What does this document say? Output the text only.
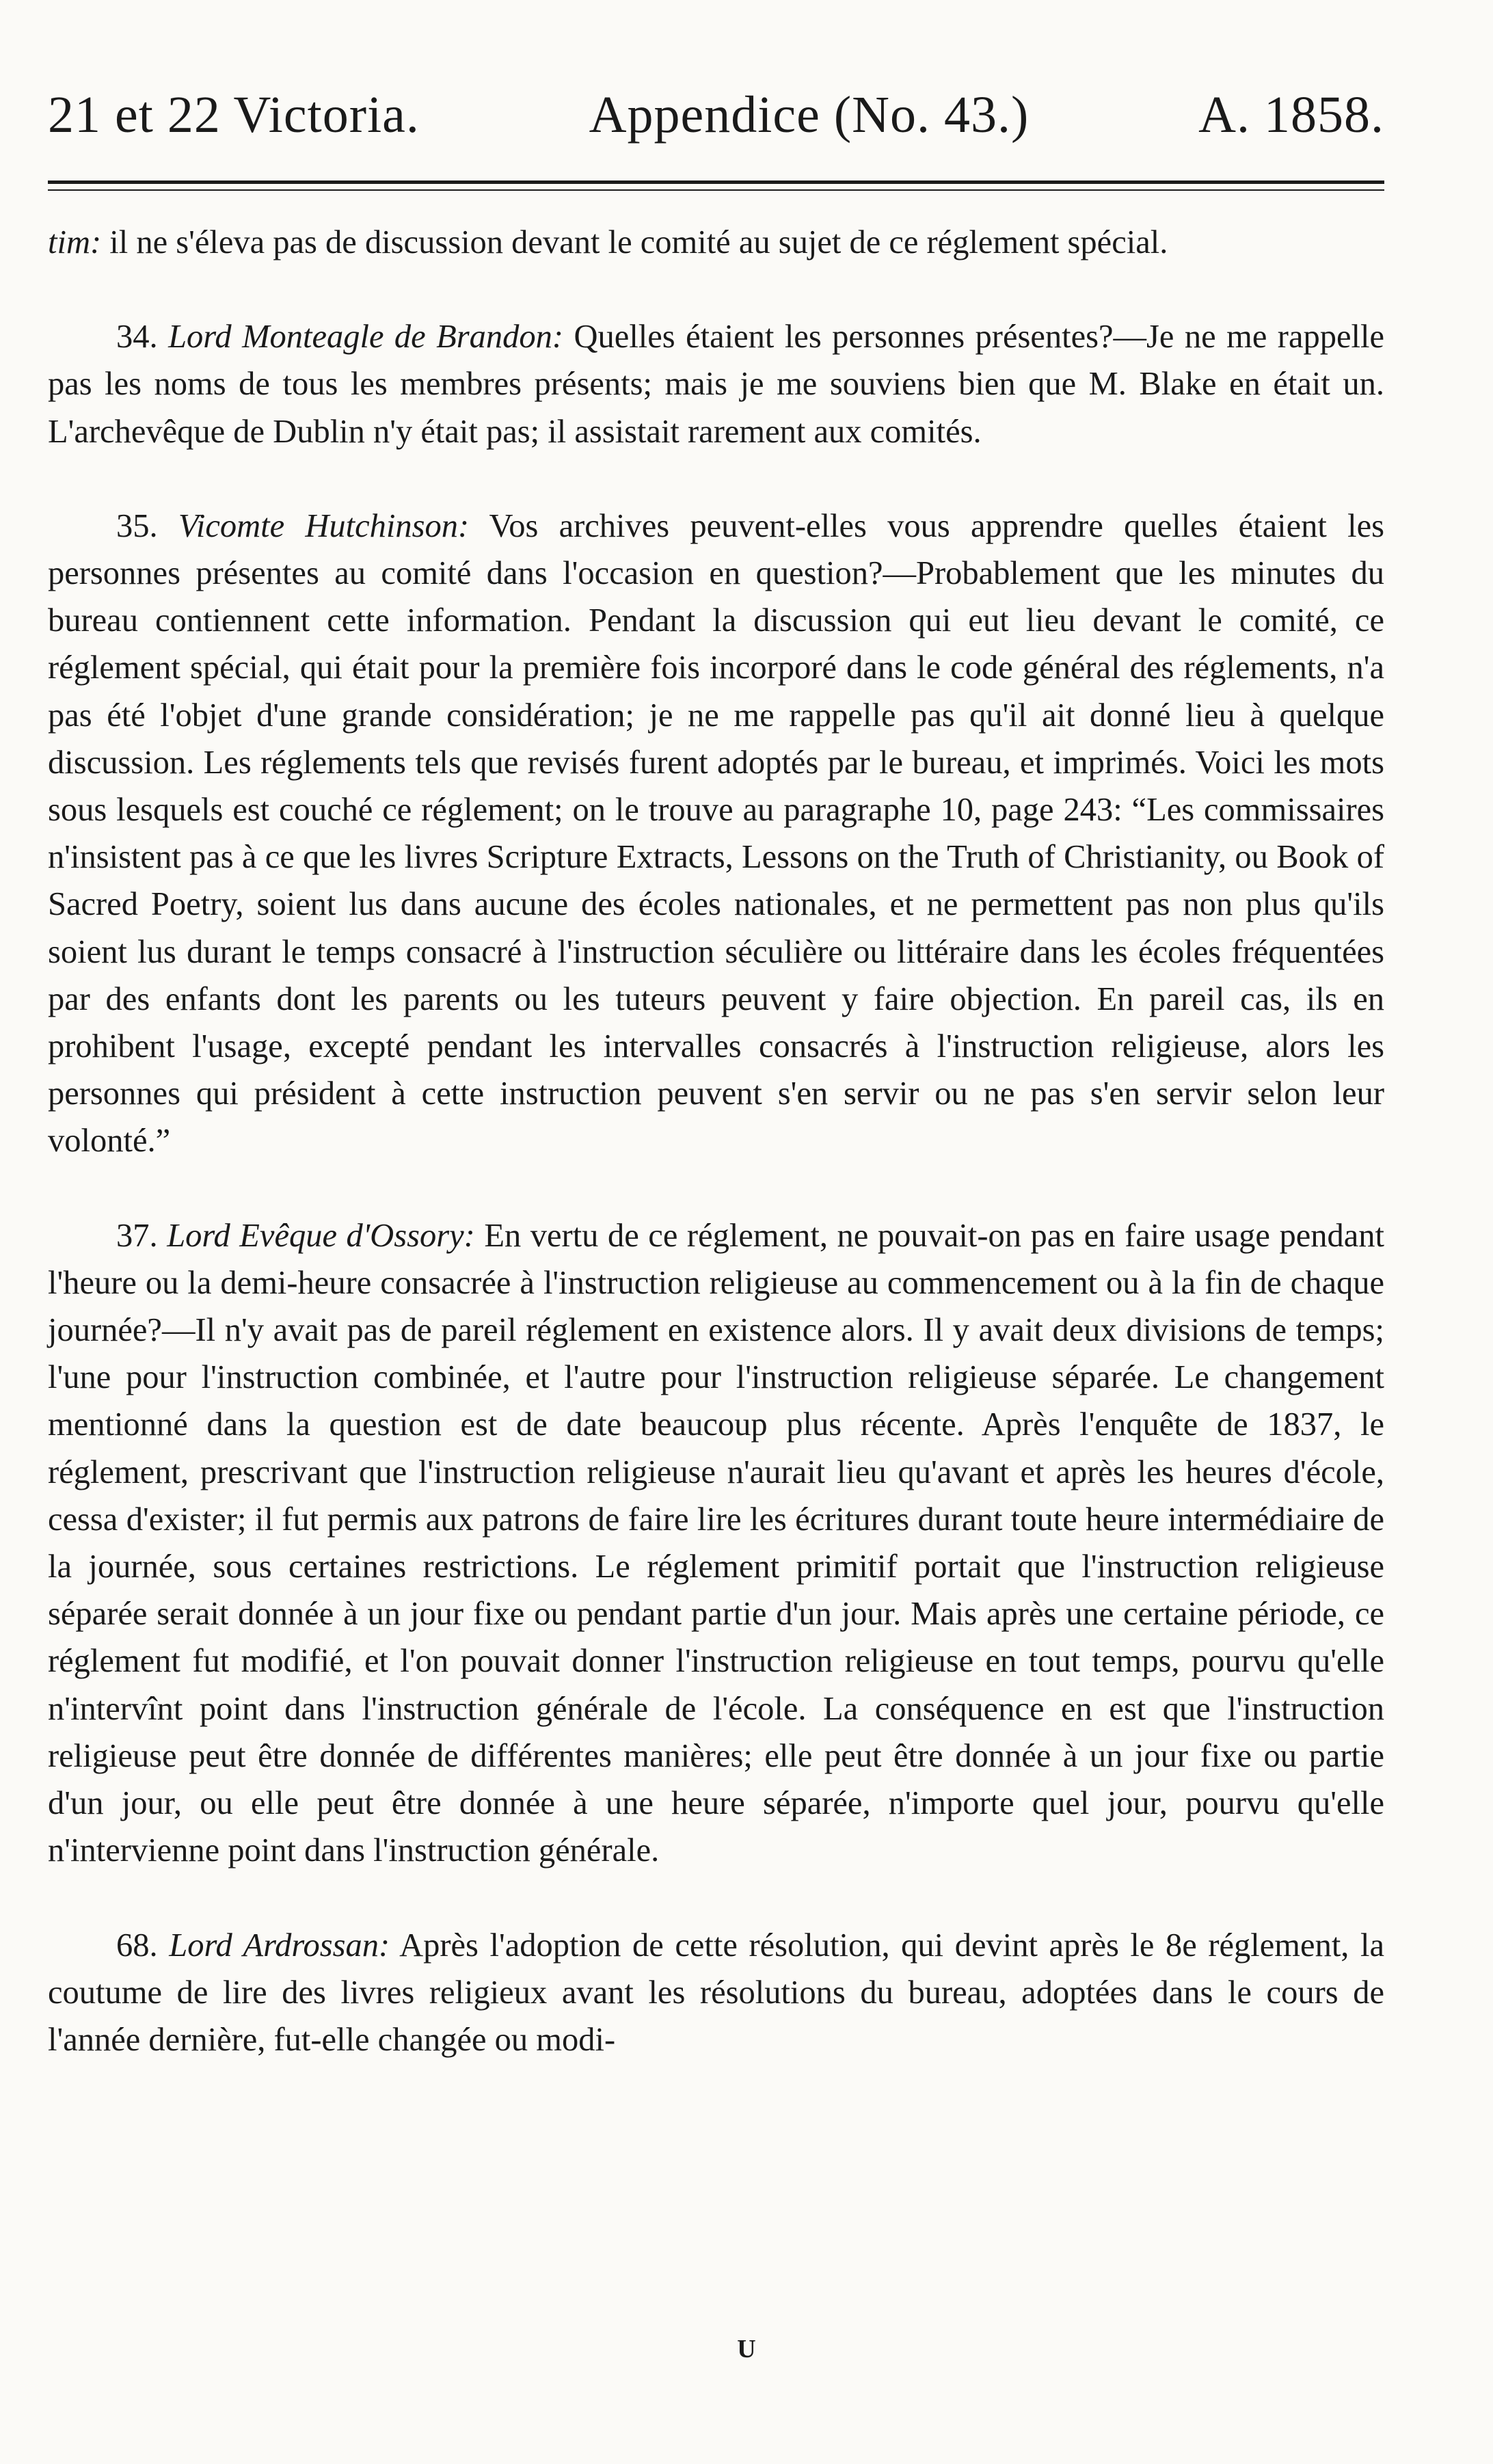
21 et 22 Victoria.	Appendice (No. 43.)	A. 1858.

tim: il ne s'éleva pas de discussion devant le comité au sujet de ce réglement spécial.

34. Lord Monteagle de Brandon: Quelles étaient les personnes présentes?—Je ne me rappelle pas les noms de tous les membres présents; mais je me souviens bien que M. Blake en était un. L'archevêque de Dublin n'y était pas; il assistait rarement aux comités.

35. Vicomte Hutchinson: Vos archives peuvent-elles vous apprendre quelles étaient les personnes présentes au comité dans l'occasion en question?—Probablement que les minutes du bureau contiennent cette information. Pendant la discussion qui eut lieu devant le comité, ce réglement spécial, qui était pour la première fois incorporé dans le code général des réglements, n'a pas été l'objet d'une grande considération; je ne me rappelle pas qu'il ait donné lieu à quelque discussion. Les réglements tels que revisés furent adoptés par le bureau, et imprimés. Voici les mots sous lesquels est couché ce réglement; on le trouve au paragraphe 10, page 243: “Les commissaires n'insistent pas à ce que les livres Scripture Extracts, Lessons on the Truth of Christianity, ou Book of Sacred Poetry, soient lus dans aucune des écoles nationales, et ne permettent pas non plus qu'ils soient lus durant le temps consacré à l'instruction séculière ou littéraire dans les écoles fréquentées par des enfants dont les parents ou les tuteurs peuvent y faire objection. En pareil cas, ils en prohibent l'usage, excepté pendant les intervalles consacrés à l'instruction religieuse, alors les personnes qui président à cette instruction peuvent s'en servir ou ne pas s'en servir selon leur volonté.”

37. Lord Evêque d'Ossory: En vertu de ce réglement, ne pouvait-on pas en faire usage pendant l'heure ou la demi-heure consacrée à l'instruction religieuse au commencement ou à la fin de chaque journée?—Il n'y avait pas de pareil réglement en existence alors. Il y avait deux divisions de temps; l'une pour l'instruction combinée, et l'autre pour l'instruction religieuse séparée. Le changement mentionné dans la question est de date beaucoup plus récente. Après l'enquête de 1837, le réglement, prescrivant que l'instruction religieuse n'aurait lieu qu'avant et après les heures d'école, cessa d'exister; il fut permis aux patrons de faire lire les écritures durant toute heure intermédiaire de la journée, sous certaines restrictions. Le réglement primitif portait que l'instruction religieuse séparée serait donnée à un jour fixe ou pendant partie d'un jour. Mais après une certaine période, ce réglement fut modifié, et l'on pouvait donner l'instruction religieuse en tout temps, pourvu qu'elle n'intervînt point dans l'instruction générale de l'école. La conséquence en est que l'instruction religieuse peut être donnée de différentes manières; elle peut être donnée à un jour fixe ou partie d'un jour, ou elle peut être donnée à une heure séparée, n'importe quel jour, pourvu qu'elle n'intervienne point dans l'instruction générale.

68. Lord Ardrossan: Après l'adoption de cette résolution, qui devint après le 8e réglement, la coutume de lire des livres religieux avant les résolutions du bureau, adoptées dans le cours de l'année dernière, fut-elle changée ou modi-

U
